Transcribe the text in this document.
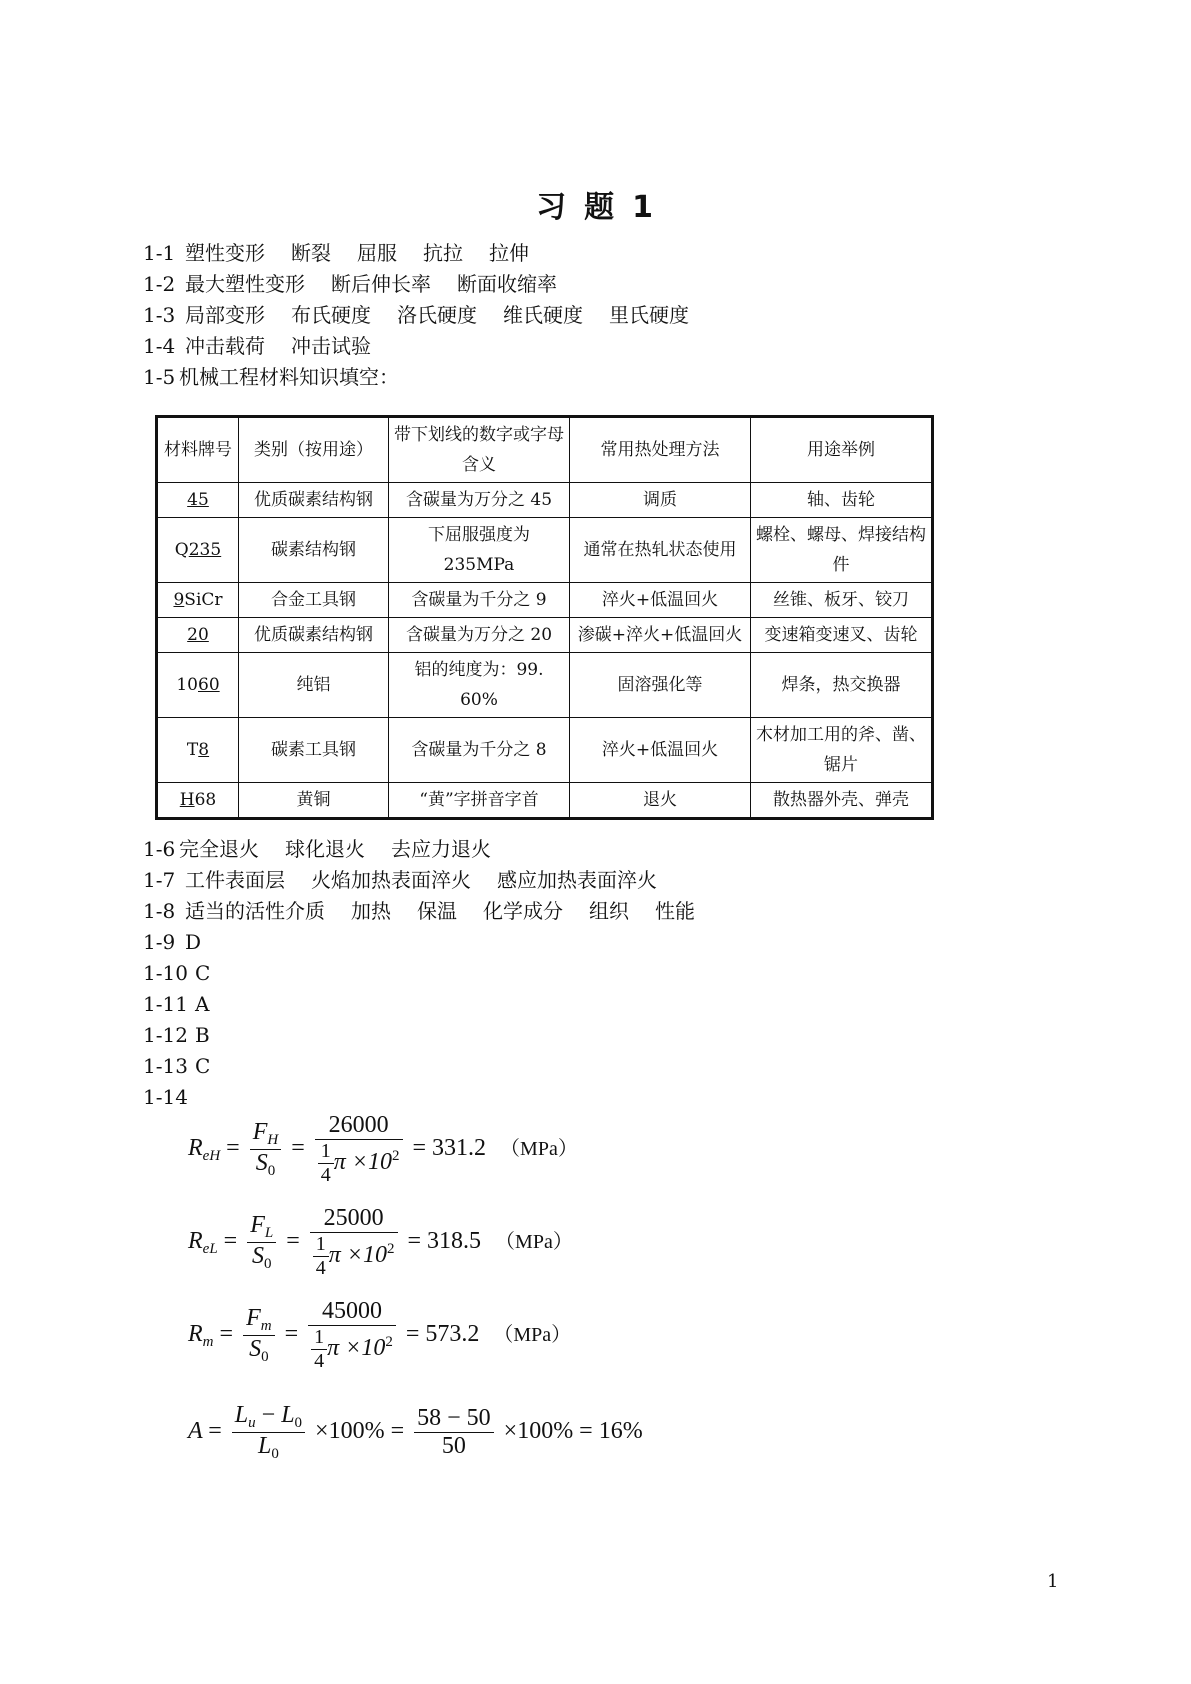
习 题 1
1-1 塑性变形 断裂 屈服 抗拉 拉伸
1-2 最大塑性变形 断后伸长率 断面收缩率
1-3 局部变形 布氏硬度 洛氏硬度 维氏硬度 里氏硬度
1-4 冲击载荷 冲击试验
1-5 机械工程材料知识填空：
材料牌号	类别（按用途）	带下划线的数字或字母含义	常用热处理方法	用途举例
45	优质碳素结构钢	含碳量为万分之 45	调质	轴、齿轮
Q235	碳素结构钢	下屈服强度为235MPa	通常在热轧状态使用	螺栓、螺母、焊接结构件
9SiCr	合金工具钢	含碳量为千分之 9	淬火+低温回火	丝锥、板牙、铰刀
20	优质碳素结构钢	含碳量为万分之 20	渗碳+淬火+低温回火	变速箱变速叉、齿轮
1060	纯铝	铝的纯度为：99. 60%	固溶强化等	焊条，热交换器
T8	碳素工具钢	含碳量为千分之 8	淬火+低温回火	木材加工用的斧、凿、锯片
H68	黄铜	“黄”字拼音字首	退火	散热器外壳、弹壳
1-6 完全退火 球化退火 去应力退火
1-7 工件表面层 火焰加热表面淬火 感应加热表面淬火
1-8 适当的活性介质 加热 保温 化学成分 组织 性能
1-9 D
1-10 C
1-11 A
1-12 B
1-13 C
1-14
$R_{eH} = \frac{F_H}{S_0} = \frac{26000}{\frac{1}{4} \pi \times 10^2} = 331.2$ （MPa）
$R_{eL} = \frac{F_L}{S_0} = \frac{25000}{\frac{1}{4} \pi \times 10^2} = 318.5$ （MPa）
$R_m = \frac{F_m}{S_0} = \frac{45000}{\frac{1}{4} \pi \times 10^2} = 573.2$ （MPa）
$A = \frac{L_u - L_0}{L_0} \times 100\% = \frac{58 - 50}{50} \times 100\% = 16\%$
1
